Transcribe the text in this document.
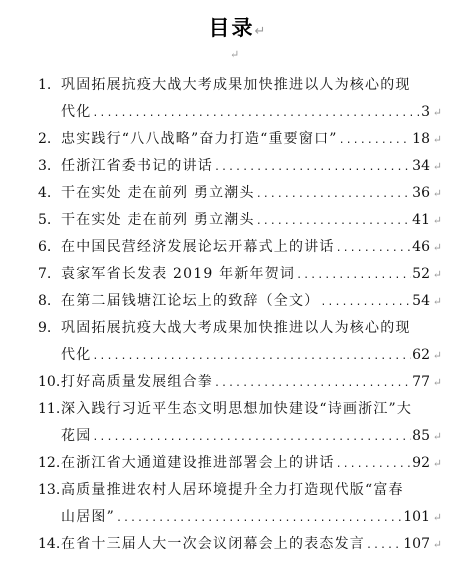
目录↵
↵
1. 巩固拓展抗疫大战大考成果加快推进以人为核心的现
代化 .....	3 ↵
2. 忠实践行“八八战略”奋力打造“重要窗口” .....	18 ↵
3. 任浙江省委书记的讲话 .....	34 ↵
4. 干在实处 走在前列 勇立潮头 .....	36 ↵
5. 干在实处 走在前列 勇立潮头 .....	41 ↵
6. 在中国民营经济发展论坛开幕式上的讲话 .....	46 ↵
7. 袁家军省长发表 2019 年新年贺词 .....	52 ↵
8. 在第二届钱塘江论坛上的致辞（全文） .....	54 ↵
9. 巩固拓展抗疫大战大考成果加快推进以人为核心的现
代化 .....	62 ↵
10. 打好高质量发展组合拳 .....	77 ↵
11. 深入践行习近平生态文明思想加快建设“诗画浙江”大
花园 .....	85 ↵
12. 在浙江省大通道建设推进部署会上的讲话 .....	92 ↵
13. 高质量推进农村人居环境提升全力打造现代版“富春
山居图” .....	101 ↵
14. 在省十三届人大一次会议闭幕会上的表态发言 .....	107 ↵
